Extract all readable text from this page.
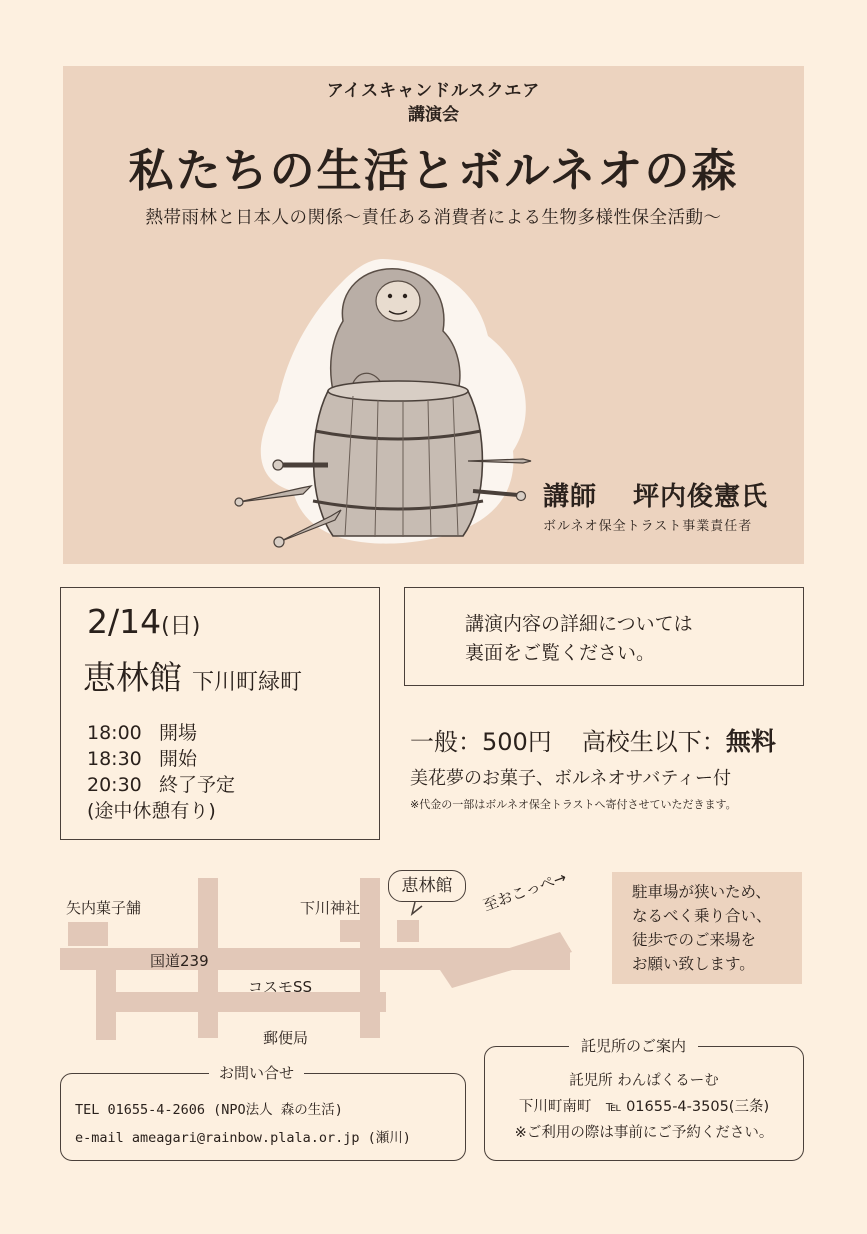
アイスキャンドルスクエア
講演会
私たちの生活とボルネオの森
熱帯雨林と日本人の関係～責任ある消費者による生物多様性保全活動～
講師 坪内俊憲氏
ボルネオ保全トラスト事業責任者
2/14(日)
恵林館 下川町緑町
18:00 開場
18:30 開始
20:30 終了予定
(途中休憩有り)
講演内容の詳細については
裏面をご覧ください。
一般：500円 高校生以下：無料
美花夢のお菓子、ボルネオサバティー付
※代金の一部はボルネオ保全トラストへ寄付させていただきます。
矢内菓子舗	下川神社
恵林館
国道239
コスモSS
郵便局
至おこっぺ→	駐車場が狭いため、
なるべく乗り合い、
徒歩でのご来場を
お願い致します。
お問い合せ
TEL 01655-4-2606 (NPO法人 森の生活)
e-mail ameagari@rainbow.plala.or.jp (瀬川)
託児所のご案内
託児所 わんぱくるーむ
下川町南町　℡ 01655-4-3505(三条)
※ご利用の際は事前にご予約ください。
